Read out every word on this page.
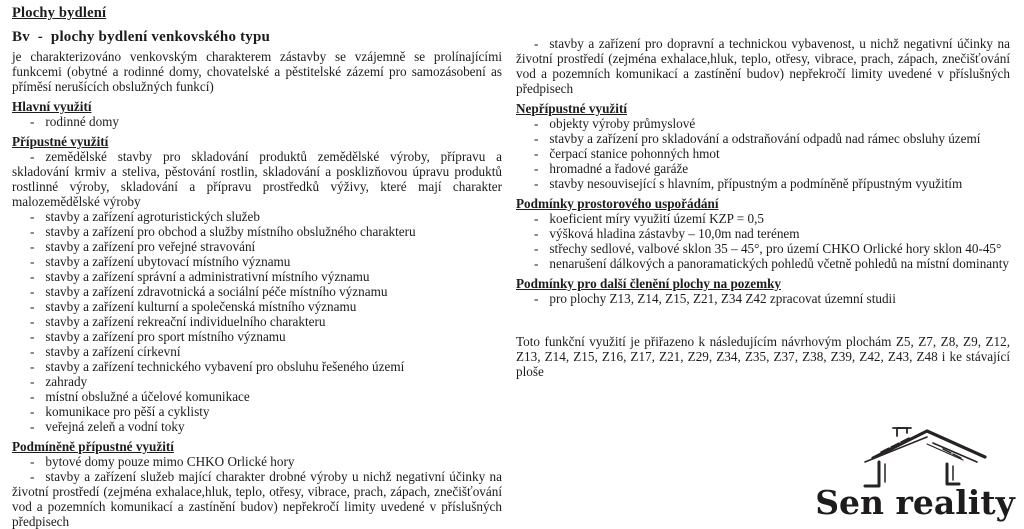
Plochy bydlení
Bv  -  plochy bydlení venkovského typu

je charakterizováno venkovským charakterem zástavby se vzájemně se prolínajícími funkcemi (obytné a rodinné domy, chovatelské a pěstitelské zázemí pro samozásobení as příměsí nerušících obslužných funkcí)

Hlavní využití
- rodinné domy
Přípustné využití
- zemědělské stavby pro skladování produktů zemědělské výroby, přípravu a skladování krmiv a steliva, pěstování rostlin, skladování a posklizňovou úpravu produktů rostlinné výroby, skladování a přípravu prostředků výživy, které mají charakter malozemědělské výroby
- stavby a zařízení agroturistických služeb
- stavby a zařízení pro obchod a služby místního obslužného charakteru
- stavby a zařízení pro veřejné stravování
- stavby a zařízení ubytovací místního významu
- stavby a zařízení správní a administrativní místního významu
- stavby a zařízení zdravotnická a sociální péče místního významu
- stavby a zařízení kulturní a společenská místního významu
- stavby a zařízení rekreační individuelního charakteru
- stavby a zařízení pro sport místního významu
- stavby a zařízení církevní
- stavby a zařízení technického vybavení pro obsluhu řešeného území
- zahrady
- místní obslužné a účelové komunikace
- komunikace pro pěší a cyklisty
- veřejná zeleň a vodní toky
Podmíněně přípustné využití
- bytové domy pouze mimo CHKO Orlické hory
- stavby a zařízení služeb mající charakter drobné výroby u nichž negativní účinky na životní prostředí (zejména exhalace,hluk, teplo, otřesy, vibrace, prach, zápach, znečišťování vod a pozemních komunikací a zastínění budov) nepřekročí limity uvedené v příslušných předpisech
- stavby a zařízení pro dopravní a technickou vybavenost, u nichž negativní účinky na životní prostředí (zejména exhalace,hluk, teplo, otřesy, vibrace, prach, zápach, znečišťování vod a pozemních komunikací a zastínění budov) nepřekročí limity uvedené v příslušných předpisech
Nepřípustné využití
- objekty výroby průmyslové
- stavby a zařízení pro skladování a odstraňování odpadů nad rámec obsluhy území
- čerpací stanice pohonných hmot
- hromadné a řadové garáže
- stavby nesouvisející s hlavním, přípustným a podmíněně přípustným využitím
Podmínky prostorového uspořádání
- koeficient míry využití území KZP = 0,5
- výšková hladina zástavby – 10,0m nad terénem
- střechy sedlové, valbové sklon 35 – 45°, pro území CHKO Orlické hory sklon 40-45°
- nenarušení dálkových a panoramatických pohledů včetně pohledů na místní dominanty
Podmínky pro další členění plochy na pozemky
- pro plochy Z13, Z14, Z15, Z21, Z34 Z42 zpracovat územní studii

Toto funkční využití je přiřazeno k následujícím návrhovým plochám Z5, Z7, Z8, Z9, Z12, Z13, Z14, Z15, Z16, Z17, Z21, Z29, Z34, Z35, Z37, Z38, Z39, Z42, Z43, Z48 i ke stávající ploše

Sen reality
